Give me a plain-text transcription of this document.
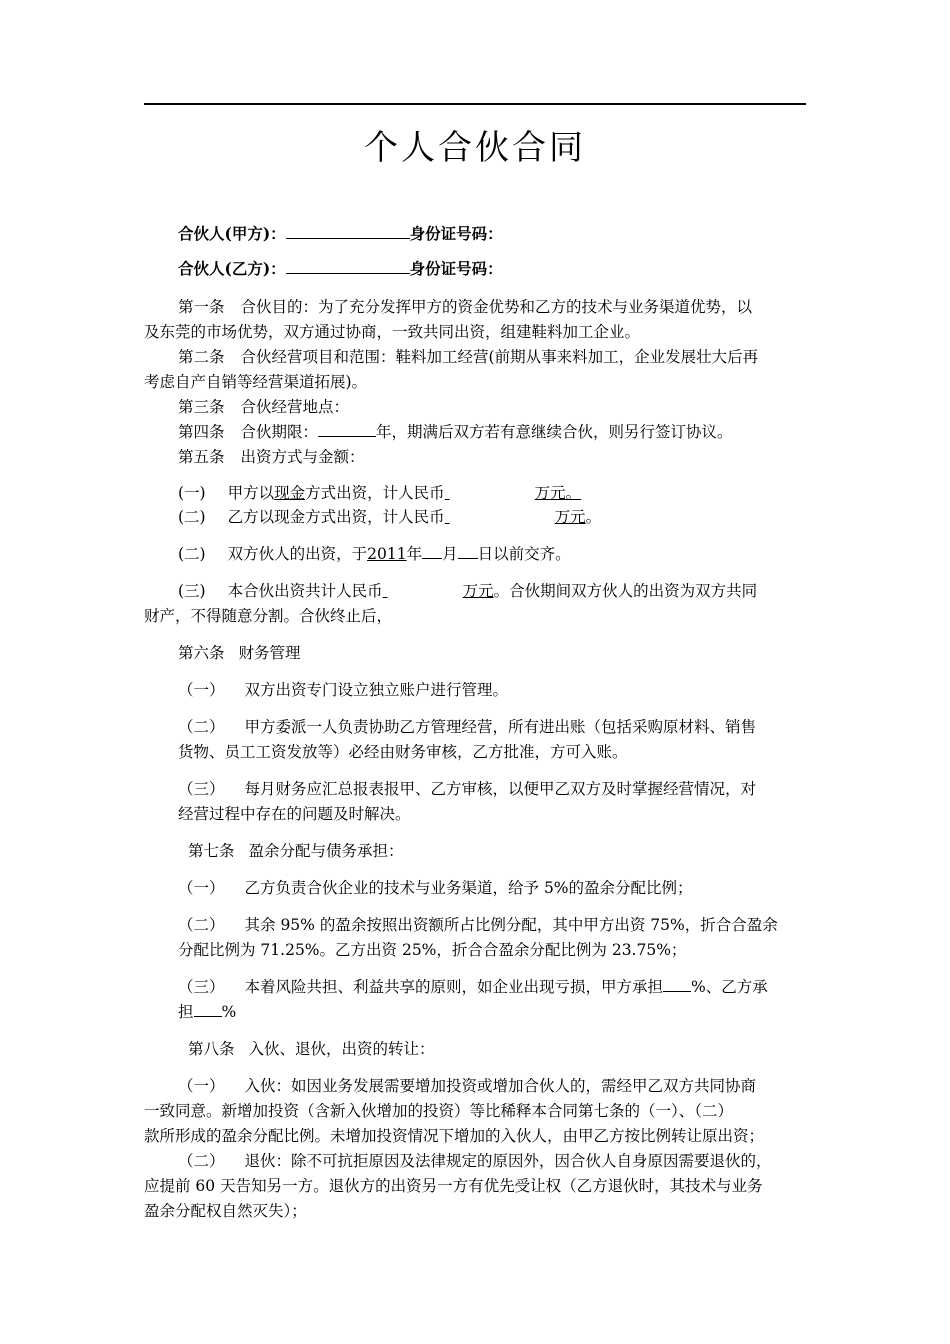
个人合伙合同
合伙人(甲方)：	身份证号码：
合伙人(乙方)：	身份证号码：
第一条 合伙目的：为了充分发挥甲方的资金优势和乙方的技术与业务渠道优势，以
及东莞的市场优势，双方通过协商，一致共同出资，组建鞋料加工企业。
第二条 合伙经营项目和范围：鞋料加工经营(前期从事来料加工，企业发展壮大后再
考虑自产自销等经营渠道拓展)。
第三条 合伙经营地点：
第四条 合伙期限：	年，期满后双方若有意继续合伙，则另行签订协议。
第五条 出资方式与金额：
(一) 甲方以现金方式出资，计人民币	万元。
(二) 乙方以现金方式出资，计人民币	万元。
(二) 双方伙人的出资，于2011年 月 日以前交齐。
(三) 本合伙出资共计人民币	万元。合伙期间双方伙人的出资为双方共同
财产，不得随意分割。合伙终止后，
第六条 财务管理
（一） 双方出资专门设立独立账户进行管理。
（二） 甲方委派一人负责协助乙方管理经营，所有进出账（包括采购原材料、销售
货物、员工工资发放等）必经由财务审核，乙方批准，方可入账。
（三） 每月财务应汇总报表报甲、乙方审核，以便甲乙双方及时掌握经营情况，对
经营过程中存在的问题及时解决。
第七条 盈余分配与债务承担：
（一） 乙方负责合伙企业的技术与业务渠道，给予 5%的盈余分配比例；
（二） 其余 95% 的盈余按照出资额所占比例分配，其中甲方出资 75%，折合合盈余
分配比例为 71.25%。乙方出资 25%，折合合盈余分配比例为 23.75%；
（三） 本着风险共担、利益共享的原则，如企业出现亏损，甲方承担 %、乙方承
担 %
第八条 入伙、退伙，出资的转让：
（一） 入伙：如因业务发展需要增加投资或增加合伙人的，需经甲乙双方共同协商
一致同意。新增加投资（含新入伙增加的投资）等比稀释本合同第七条的（一）、（二）
款所形成的盈余分配比例。未增加投资情况下增加的入伙人，由甲乙方按比例转让原出资；
（二） 退伙：除不可抗拒原因及法律规定的原因外，因合伙人自身原因需要退伙的，
应提前 60 天告知另一方。退伙方的出资另一方有优先受让权（乙方退伙时，其技术与业务
盈余分配权自然灭失）；
